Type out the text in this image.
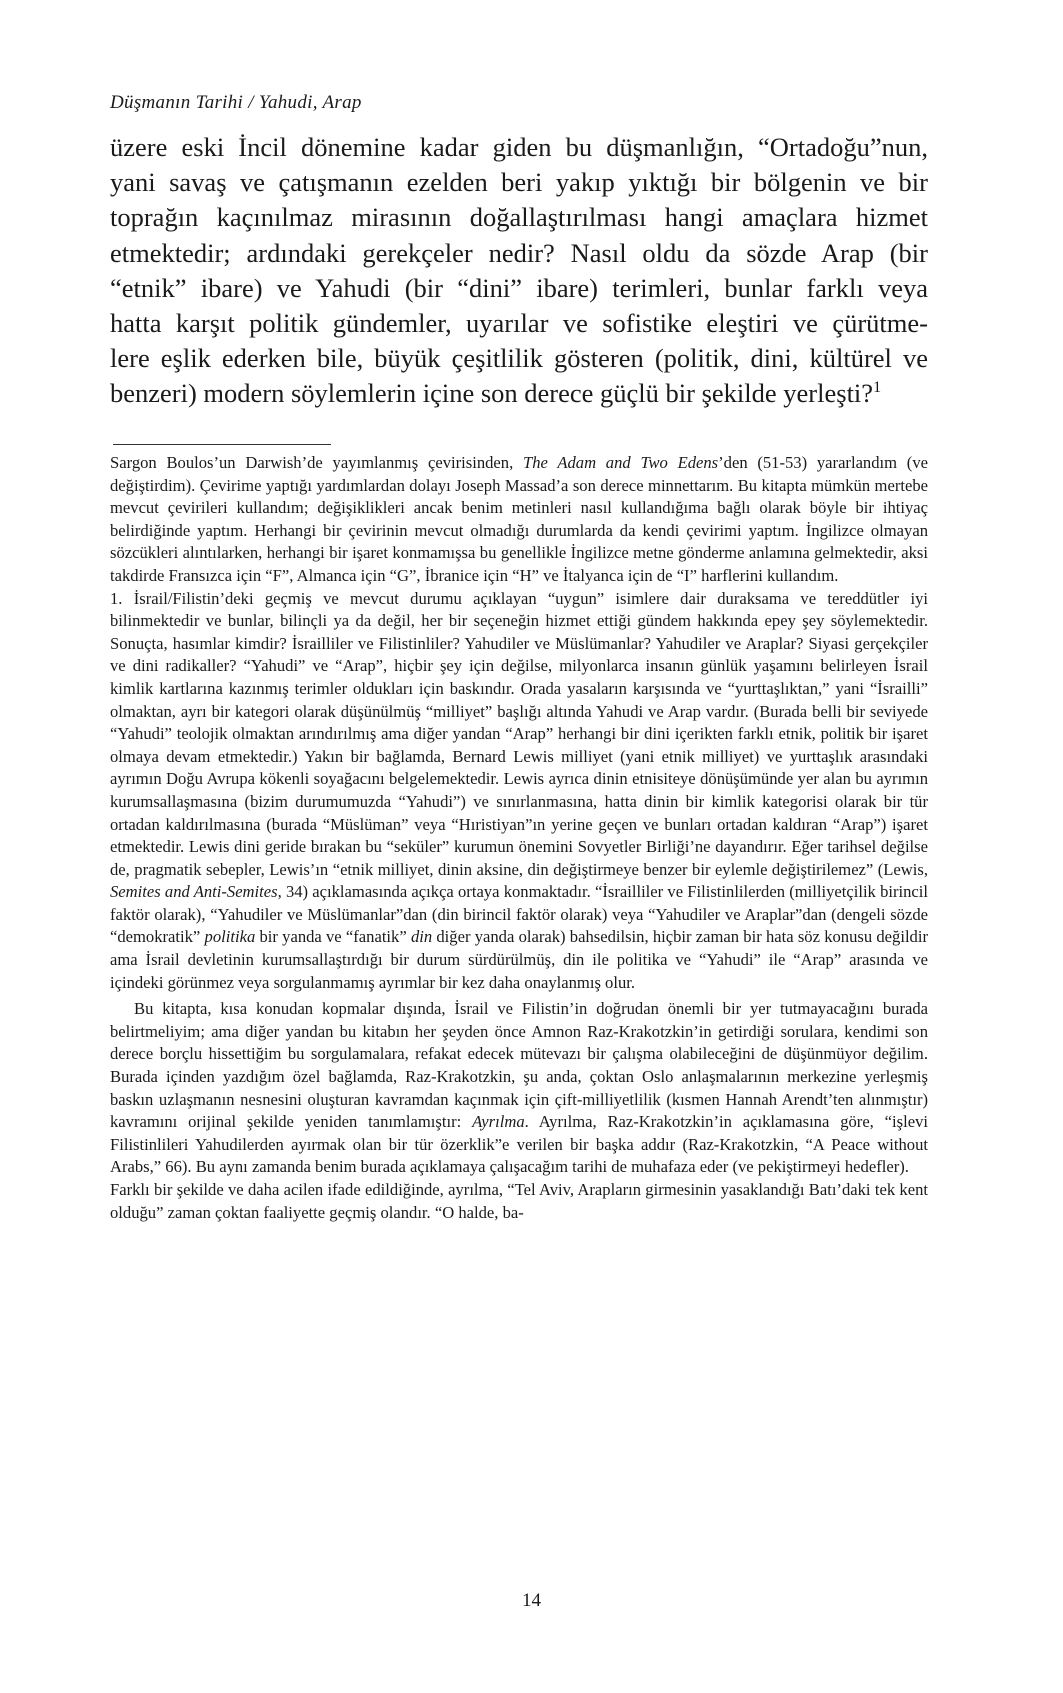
Düşmanın Tarihi / Yahudi, Arap

üzere eski İncil dönemine kadar giden bu düşmanlığın, “Ortadoğu”nun,

yani savaş ve çatışmanın ezelden beri yakıp yıktığı bir bölgenin ve bir

toprağın kaçınılmaz mirasının doğallaştırılması hangi amaçlara hizmet

etmektedir; ardındaki gerekçeler nedir? Nasıl oldu da sözde Arap (bir

“etnik” ibare) ve Yahudi (bir “dini” ibare) terimleri, bunlar farklı veya

hatta karşıt politik gündemler, uyarılar ve sofistike eleştiri ve çürütme-

lere eşlik ederken bile, büyük çeşitlilik gösteren (politik, dini, kültürel ve

benzeri) modern söylemlerin içine son derece güçlü bir şekilde yerleşti?$^1$

Sargon Boulos’un Darwish’de yayımlanmış çevirisinden, The Adam and Two Edens’den (51-53) yararlandım (ve değiştirdim). Çevirime yaptığı yardımlardan dolayı Joseph Massad’a son derece minnettarım. Bu kitapta mümkün mertebe mevcut çevirileri kullandım; değişiklikleri ancak benim metinleri nasıl kullandığıma bağlı olarak böyle bir ihtiyaç belirdiğinde yaptım. Herhangi bir çevirinin mevcut olmadığı durumlarda da kendi çevirimi yaptım. İngilizce olmayan sözcükleri alıntılarken, herhangi bir işaret konmamışsa bu genellikle İngilizce metne gönderme anlamına gelmektedir, aksi takdirde Fransızca için “F”, Almanca için “G”, İbranice için “H” ve İtalyanca için de “I” harflerini kullandım.

1. İsrail/Filistin’deki geçmiş ve mevcut durumu açıklayan “uygun” isimlere dair duraksama ve tereddütler iyi bilinmektedir ve bunlar, bilinçli ya da değil, her bir seçeneğin hizmet ettiği gündem hakkında epey şey söylemektedir. Sonuçta, hasımlar kimdir? İsrailliler ve Filistinliler? Yahudiler ve Müslümanlar? Yahudiler ve Araplar? Siyasi gerçekçiler ve dini radikaller? “Yahudi” ve “Arap”, hiçbir şey için değilse, milyonlarca insanın günlük yaşamını belirleyen İsrail kimlik kartlarına kazınmış terimler oldukları için baskındır. Orada yasaların karşısında ve “yurttaşlıktan,” yani “İsrailli” olmaktan, ayrı bir kategori olarak düşünülmüş “milliyet” başlığı altında Yahudi ve Arap vardır. (Burada belli bir seviyede “Yahudi” teolojik olmaktan arındırılmış ama diğer yandan “Arap” herhangi bir dini içerikten farklı etnik, politik bir işaret olmaya devam etmektedir.) Yakın bir bağlamda, Bernard Lewis milliyet (yani etnik milliyet) ve yurttaşlık arasındaki ayrımın Doğu Avrupa kökenli soyağacını belgelemektedir. Lewis ayrıca dinin etnisiteye dönüşümünde yer alan bu ayrımın kurumsallaşmasına (bizim durumumuzda “Yahudi”) ve sınırlanmasına, hatta dinin bir kimlik kategorisi olarak bir tür ortadan kaldırılmasına (burada “Müslüman” veya “Hıristiyan”ın yerine geçen ve bunları ortadan kaldıran “Arap”) işaret etmektedir. Lewis dini geride bırakan bu “seküler” kurumun önemini Sovyetler Birliği’ne dayandırır. Eğer tarihsel değilse de, pragmatik sebepler, Lewis’ın “etnik milliyet, dinin aksine, din değiştirmeye benzer bir eylemle değiştirilemez” (Lewis, Semites and Anti-Semites, 34) açıklamasında açıkça ortaya konmaktadır. “İsrailliler ve Filistinlilerden (milliyetçilik birincil faktör olarak), “Yahudiler ve Müslümanlar”dan (din birincil faktör olarak) veya “Yahudiler ve Araplar”dan (dengeli sözde “demokratik” politika bir yanda ve “fanatik” din diğer yanda olarak) bahsedilsin, hiçbir zaman bir hata söz konusu değildir ama İsrail devletinin kurumsallaştırdığı bir durum sürdürülmüş, din ile politika ve “Yahudi” ile “Arap” arasında ve içindeki görünmez veya sorgulanmamış ayrımlar bir kez daha onaylanmış olur.

Bu kitapta, kısa konudan kopmalar dışında, İsrail ve Filistin’in doğrudan önemli bir yer tutmayacağını burada belirtmeliyim; ama diğer yandan bu kitabın her şeyden önce Amnon Raz-Krakotzkin’in getirdiği sorulara, kendimi son derece borçlu hissettiğim bu sorgulamalara, refakat edecek mütevazı bir çalışma olabileceğini de düşünmüyor değilim. Burada içinden yazdığım özel bağlamda, Raz-Krakotzkin, şu anda, çoktan Oslo anlaşmalarının merkezine yerleşmiş baskın uzlaşmanın nesnesini oluşturan kavramdan kaçınmak için çift-milliyetlilik (kısmen Hannah Arendt’ten alınmıştır) kavramını orijinal şekilde yeniden tanımlamıştır: Ayrılma. Ayrılma, Raz-Krakotzkin’in açıklamasına göre, “işlevi Filistinlileri Yahudilerden ayırmak olan bir tür özerklik”e verilen bir başka addır (Raz-Krakotzkin, “A Peace without Arabs,” 66). Bu aynı zamanda benim burada açıklamaya çalışacağım tarihi de muhafaza eder (ve pekiştirmeyi hedefler).

Farklı bir şekilde ve daha acilen ifade edildiğinde, ayrılma, “Tel Aviv, Arapların girmesinin yasaklandığı Batı’daki tek kent olduğu” zaman çoktan faaliyette geçmiş olandır. “O halde, ba-

14
